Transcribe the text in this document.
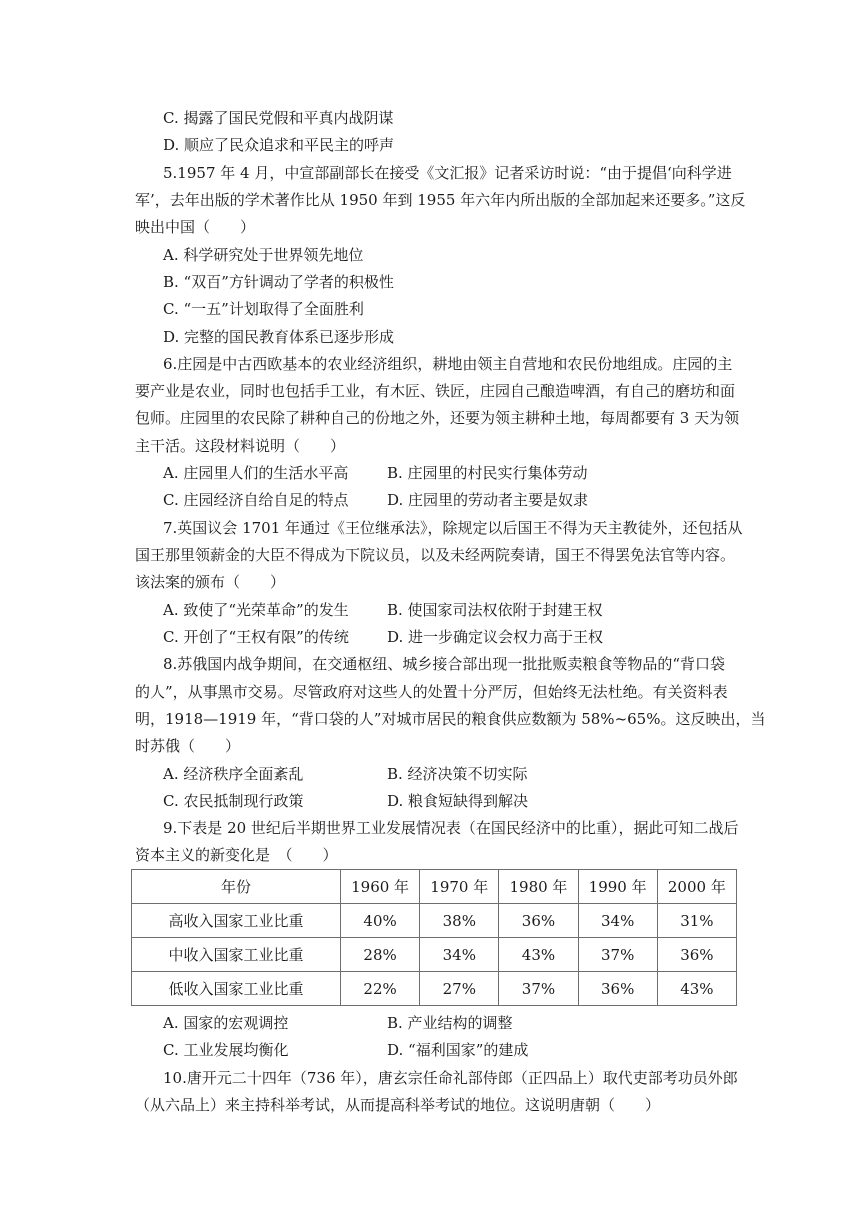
C. 揭露了国民党假和平真内战阴谋
D. 顺应了民众追求和平民主的呼声
5.1957 年 4 月，中宣部副部长在接受《文汇报》记者采访时说：“由于提倡‘向科学进
军’，去年出版的学术著作比从 1950 年到 1955 年六年内所出版的全部加起来还要多。”这反
映出中国（　　）
A. 科学研究处于世界领先地位
B. “双百”方针调动了学者的积极性
C. “一五”计划取得了全面胜利
D. 完整的国民教育体系已逐步形成
6.庄园是中古西欧基本的农业经济组织，耕地由领主自营地和农民份地组成。庄园的主
要产业是农业，同时也包括手工业，有木匠、铁匠，庄园自己酿造啤酒，有自己的磨坊和面
包师。庄园里的农民除了耕种自己的份地之外，还要为领主耕种土地，每周都要有 3 天为领
主干活。这段材料说明（　　）
A. 庄园里人们的生活水平高	B. 庄园里的村民实行集体劳动
C. 庄园经济自给自足的特点	D. 庄园里的劳动者主要是奴隶
7.英国议会 1701 年通过《王位继承法》，除规定以后国王不得为天主教徒外，还包括从
国王那里领薪金的大臣不得成为下院议员，以及未经两院奏请，国王不得罢免法官等内容。
该法案的颁布（　　）
A. 致使了“光荣革命”的发生	B. 使国家司法权依附于封建王权
C. 开创了“王权有限”的传统	D. 进一步确定议会权力高于王权
8.苏俄国内战争期间，在交通枢纽、城乡接合部出现一批批贩卖粮食等物品的“背口袋
的人”，从事黑市交易。尽管政府对这些人的处置十分严厉，但始终无法杜绝。有关资料表
明，1918—1919 年，“背口袋的人”对城市居民的粮食供应数额为 58%~65%。这反映出，当
时苏俄（　　）
A. 经济秩序全面紊乱	B. 经济决策不切实际
C. 农民抵制现行政策	D. 粮食短缺得到解决
9.下表是 20 世纪后半期世界工业发展情况表（在国民经济中的比重），据此可知二战后
资本主义的新变化是　（　　）
年份	1960 年	1970 年	1980 年	1990 年	2000 年
高收入国家工业比重	40%	38%	36%	34%	31%
中收入国家工业比重	28%	34%	43%	37%	36%
低收入国家工业比重	22%	27%	37%	36%	43%
A. 国家的宏观调控	B. 产业结构的调整
C. 工业发展均衡化	D. “福利国家”的建成
10.唐开元二十四年（736 年），唐玄宗任命礼部侍郎（正四品上）取代吏部考功员外郎
（从六品上）来主持科举考试，从而提高科举考试的地位。这说明唐朝（　　）
